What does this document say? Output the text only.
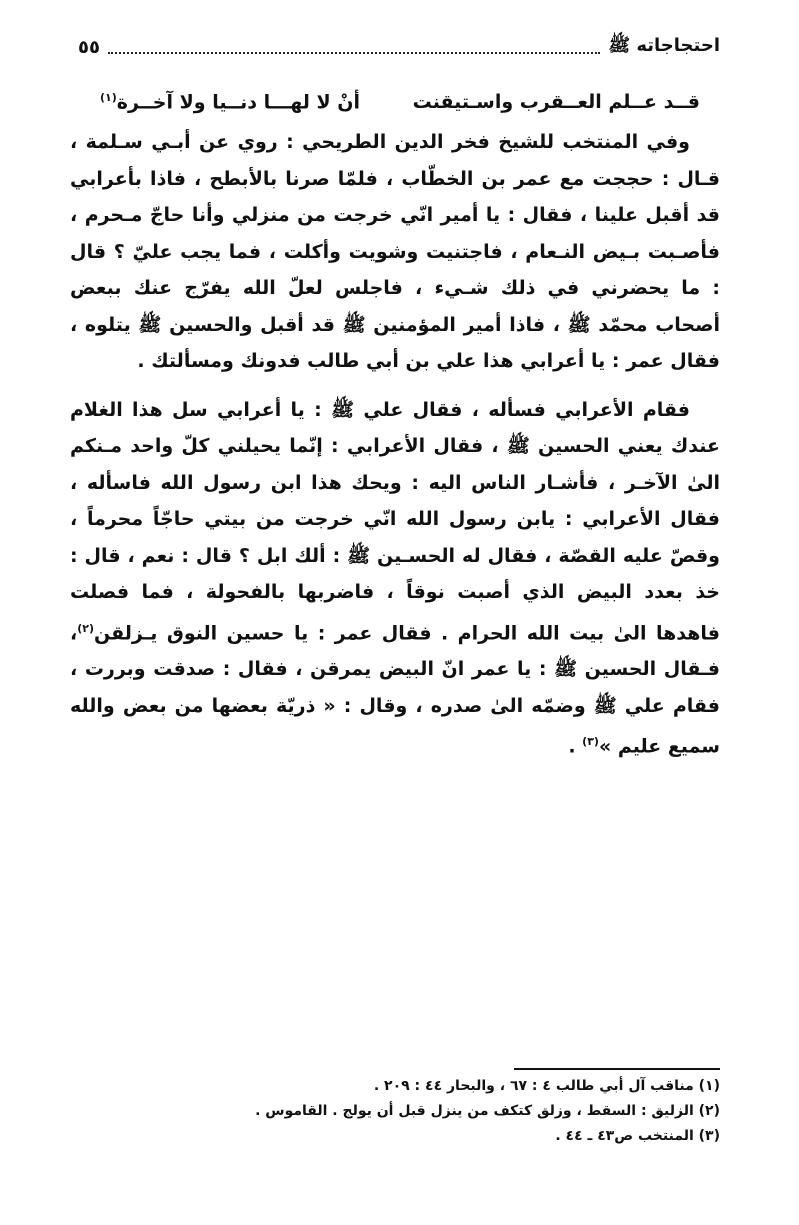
احتجاجاته ﷺ
٥٥
قــد عــلم العــقرب واسـتيقنت
أنْ لا لهـــا دنــيا ولا آخــرة$^{(١)}$

وفي المنتخب للشيخ فخر الدين الطريحي : روي عن أبـي سـلمة ، قـال : حججت مع عمر بن الخطّاب ، فلمّا صرنا بالأبطح ، فاذا بأعرابي قد أقبل علينا ، فقال : يا أمير انّي خرجت من منزلي وأنا حاجّ مـحرم ، فأصـبت بـيض النـعام ، فاجتنيت وشويت وأكلت ، فما يجب عليّ ؟ قال : ما يحضرني في ذلك شـيء ، فاجلس لعلّ الله يفرّج عنك ببعض أصحاب محمّد ﷺ ، فاذا أمير المؤمنين ﷺ قد أقبل والحسين ﷺ يتلوه ، فقال عمر : يا أعرابي هذا علي بن أبي طالب فدونك ومسألتك .

فقام الأعرابي فسأله ، فقال علي ﷺ : يا أعرابي سل هذا الغلام عندك يعني الحسين ﷺ ، فقال الأعرابي : إنّما يحيلني كلّ واحد مـنكم الىٰ الآخـر ، فأشـار الناس اليه : ويحك هذا ابن رسول الله فاسأله ، فقال الأعرابي : يابن رسول الله انّي خرجت من بيتي حاجّاً محرماً ، وقصّ عليه القصّة ، فقال له الحسـين ﷺ : ألك ابل ؟ قال : نعم ، قال : خذ بعدد البيض الذي أصبت نوقاً ، فاضربها بالفحولة ، فما فصلت فاهدها الىٰ بيت الله الحرام . فقال عمر : يا حسين النوق يـزلقن$^{(٢)}$، فـقال الحسين ﷺ : يا عمر انّ البيض يمرقن ، فقال : صدقت وبررت ، فقام علي ﷺ وضمّه الىٰ صدره ، وقال : « ذريّة بعضها من بعض والله سميع عليم »$^{(٣)}$ .

(١) مناقب آل أبي طالب ٤ : ٦٧ ، والبحار ٤٤ : ٢٠٩ .
(٢) الزليق : السقط ، وزلق كتكف من ينزل قبل أن يولج . القاموس .
(٣) المنتخب ص٤٣ ـ ٤٤ .
